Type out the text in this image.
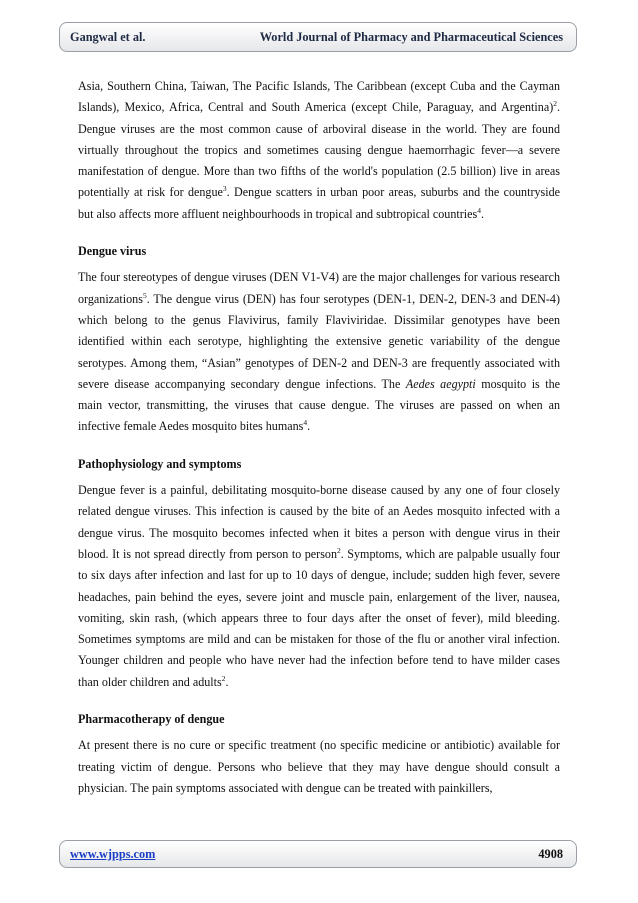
Gangwal et al.	World Journal of Pharmacy and Pharmaceutical Sciences

Asia, Southern China, Taiwan, The Pacific Islands, The Caribbean (except Cuba and the Cayman Islands), Mexico, Africa, Central and South America (except Chile, Paraguay, and Argentina)$^2$. Dengue viruses are the most common cause of arboviral disease in the world. They are found virtually throughout the tropics and sometimes causing dengue haemorrhagic fever—a severe manifestation of dengue. More than two fifths of the world's population (2.5 billion) live in areas potentially at risk for dengue$^3$. Dengue scatters in urban poor areas, suburbs and the countryside but also affects more affluent neighbourhoods in tropical and subtropical countries$^4$.

Dengue virus

The four stereotypes of dengue viruses (DEN V1-V4) are the major challenges for various research organizations$^5$. The dengue virus (DEN) has four serotypes (DEN-1, DEN-2, DEN-3 and DEN-4) which belong to the genus Flavivirus, family Flaviviridae. Dissimilar genotypes have been identified within each serotype, highlighting the extensive genetic variability of the dengue serotypes. Among them, “Asian” genotypes of DEN-2 and DEN-3 are frequently associated with severe disease accompanying secondary dengue infections. The Aedes aegypti mosquito is the main vector, transmitting, the viruses that cause dengue. The viruses are passed on when an infective female Aedes mosquito bites humans$^4$.

Pathophysiology and symptoms

Dengue fever is a painful, debilitating mosquito-borne disease caused by any one of four closely related dengue viruses. This infection is caused by the bite of an Aedes mosquito infected with a dengue virus. The mosquito becomes infected when it bites a person with dengue virus in their blood. It is not spread directly from person to person$^2$. Symptoms, which are palpable usually four to six days after infection and last for up to 10 days of dengue, include; sudden high fever, severe headaches, pain behind the eyes, severe joint and muscle pain, enlargement of the liver, nausea, vomiting, skin rash, (which appears three to four days after the onset of fever), mild bleeding. Sometimes symptoms are mild and can be mistaken for those of the flu or another viral infection. Younger children and people who have never had the infection before tend to have milder cases than older children and adults$^2$.

Pharmacotherapy of dengue

At present there is no cure or specific treatment (no specific medicine or antibiotic) available for treating victim of dengue. Persons who believe that they may have dengue should consult a physician. The pain symptoms associated with dengue can be treated with painkillers,

www.wjpps.com	4908
